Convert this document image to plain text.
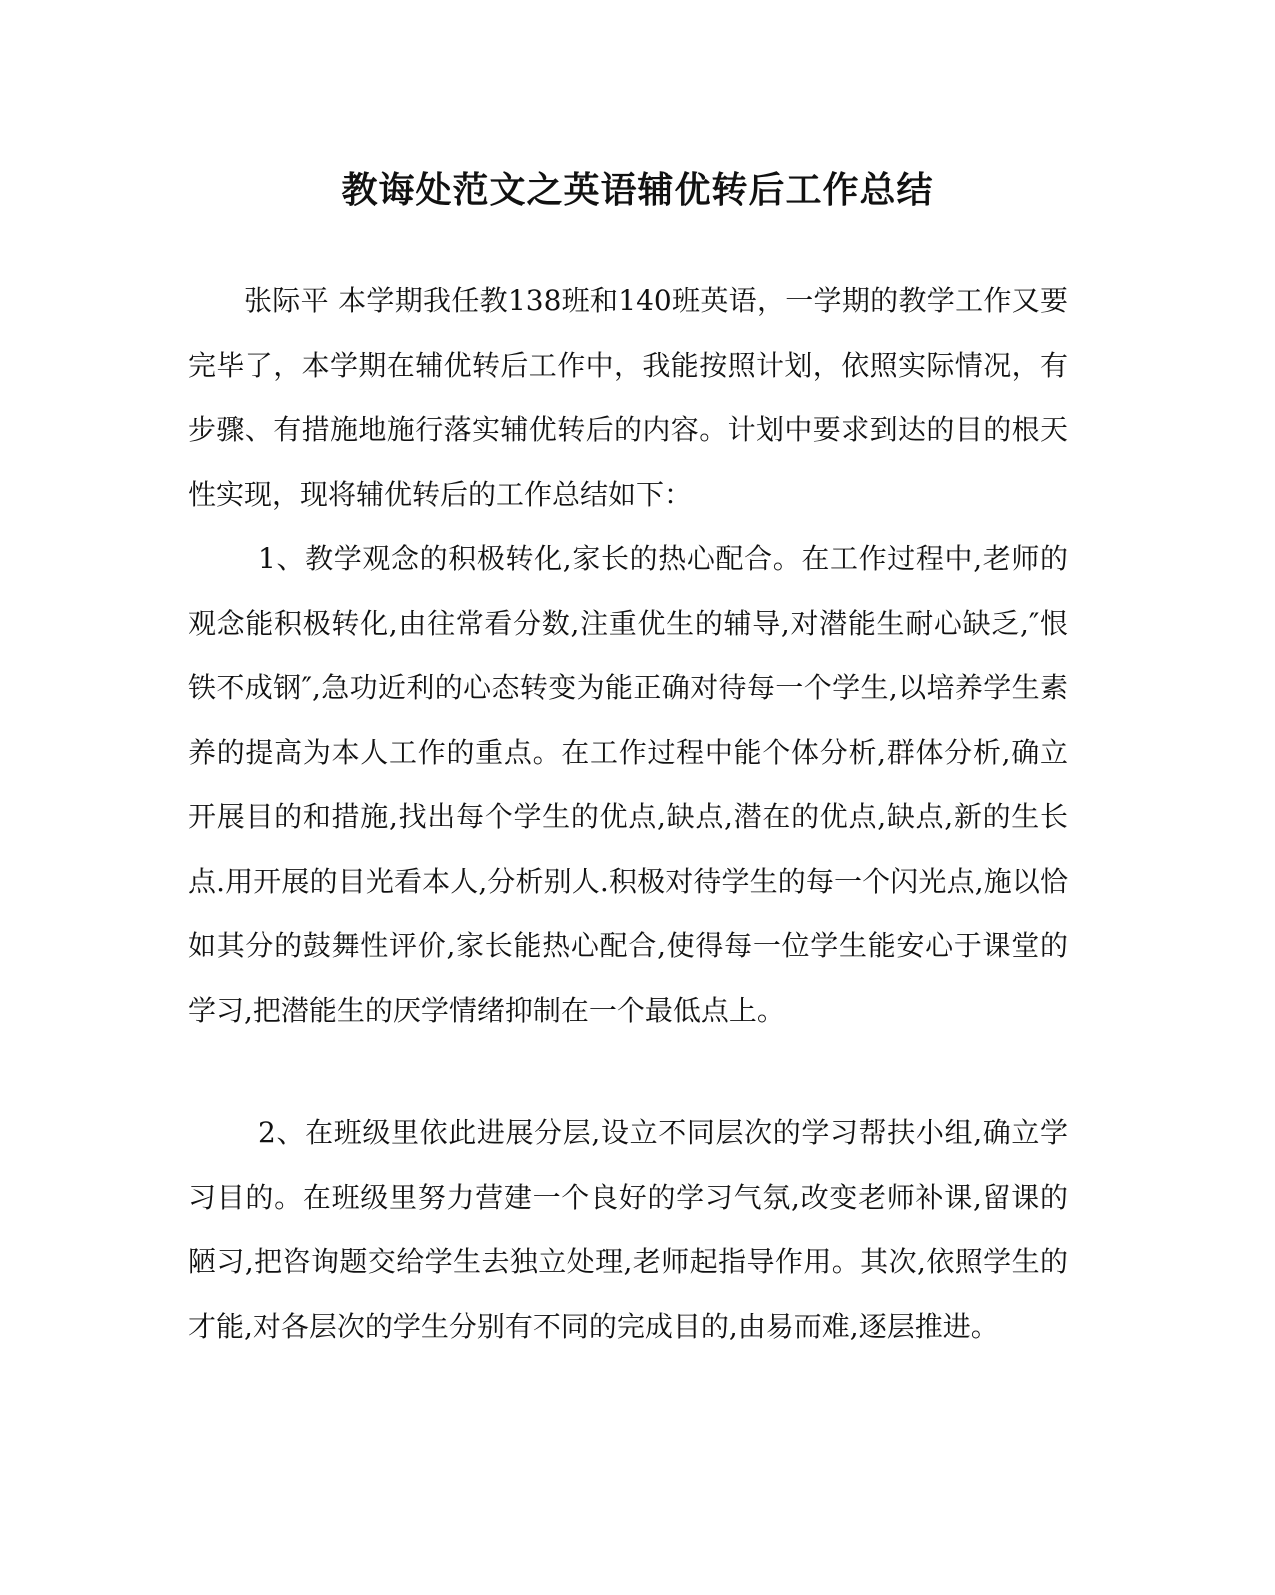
教诲处范文之英语辅优转后工作总结

张际平 本学期我任教138班和140班英语，一学期的教学工作又要完毕了，本学期在辅优转后工作中，我能按照计划，依照实际情况，有步骤、有措施地施行落实辅优转后的内容。计划中要求到达的目的根天性实现，现将辅优转后的工作总结如下：

1、教学观念的积极转化,家长的热心配合。在工作过程中,老师的观念能积极转化,由往常看分数,注重优生的辅导,对潜能生耐心缺乏,″恨铁不成钢″,急功近利的心态转变为能正确对待每一个学生,以培养学生素养的提高为本人工作的重点。在工作过程中能个体分析,群体分析,确立开展目的和措施,找出每个学生的优点,缺点,潜在的优点,缺点,新的生长点.用开展的目光看本人,分析别人.积极对待学生的每一个闪光点,施以恰如其分的鼓舞性评价,家长能热心配合,使得每一位学生能安心于课堂的学习,把潜能生的厌学情绪抑制在一个最低点上。

2、在班级里依此进展分层,设立不同层次的学习帮扶小组,确立学习目的。在班级里努力营建一个良好的学习气氛,改变老师补课,留课的陋习,把咨询题交给学生去独立处理,老师起指导作用。其次,依照学生的才能,对各层次的学生分别有不同的完成目的,由易而难,逐层推进。
